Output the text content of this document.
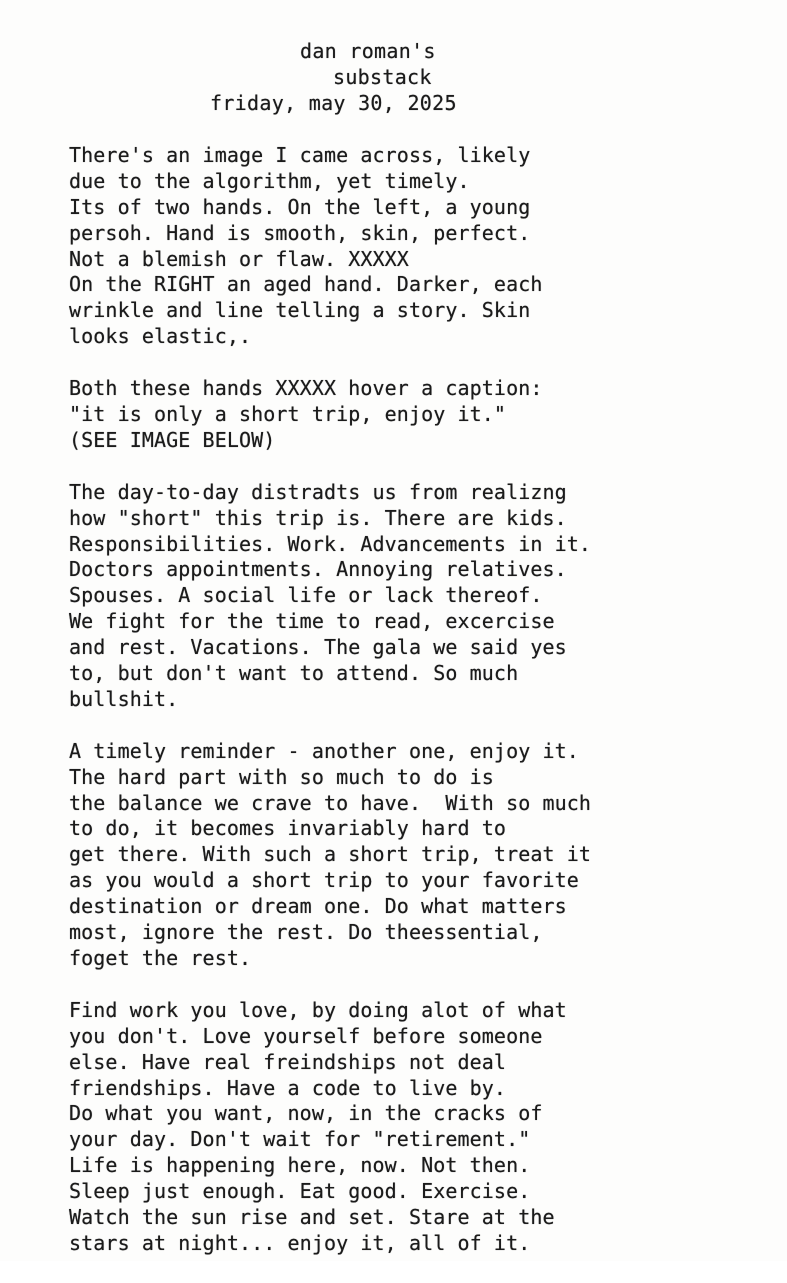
dan roman's
substack
friday, may 30, 2025
There's an image I came across, likely
due to the algorithm, yet timely.
Its of two hands. On the left, a young
persoh. Hand is smooth, skin, perfect.
Not a blemish or flaw. XXXXX
On the RIGHT an aged hand. Darker, each
wrinkle and line telling a story. Skin
looks elastic,.
Both these hands XXXXX hover a caption:
"it is only a short trip, enjoy it."
(SEE IMAGE BELOW)
The day-to-day distradts us from realizng
how "short" this trip is. There are kids.
Responsibilities. Work. Advancements in it.
Doctors appointments. Annoying relatives.
Spouses. A social life or lack thereof.
We fight for the time to read, excercise
and rest. Vacations. The gala we said yes
to, but don't want to attend. So much
bullshit.
A timely reminder - another one, enjoy it.
The hard part with so much to do is
the balance we crave to have.  With so much
to do, it becomes invariably hard to
get there. With such a short trip, treat it
as you would a short trip to your favorite
destination or dream one. Do what matters
most, ignore the rest. Do theessential,
foget the rest.
Find work you love, by doing alot of what
you don't. Love yourself before someone
else. Have real freindships not deal
friendships. Have a code to live by.
Do what you want, now, in the cracks of
your day. Don't wait for "retirement."
Life is happening here, now. Not then.
Sleep just enough. Eat good. Exercise.
Watch the sun rise and set. Stare at the
stars at night... enjoy it, all of it.
